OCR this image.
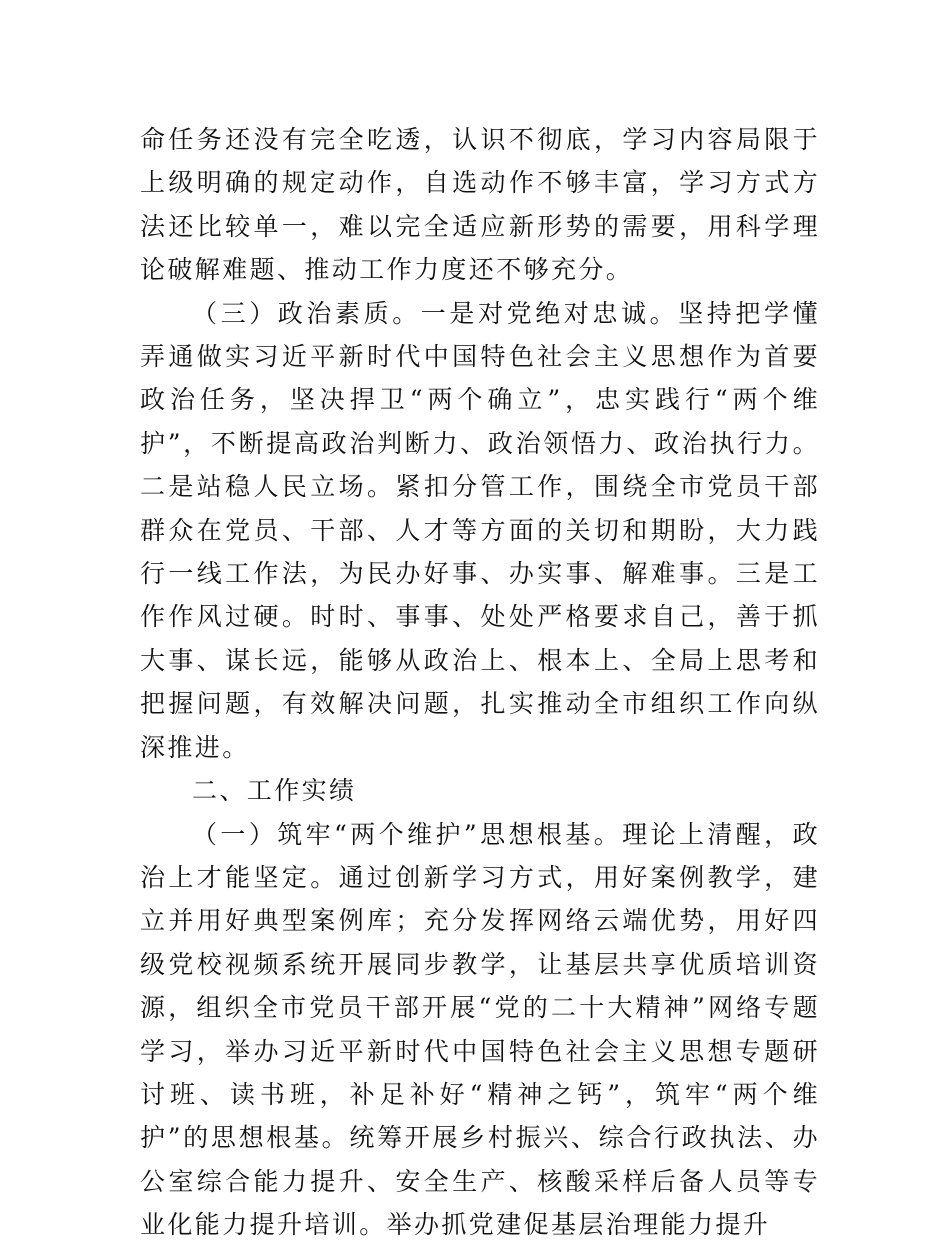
命任务还没有完全吃透，认识不彻底，学习内容局限于上级明确的规定动作，自选动作不够丰富，学习方式方法还比较单一，难以完全适应新形势的需要，用科学理论破解难题、推动工作力度还不够充分。

（三）政治素质。一是对党绝对忠诚。坚持把学懂弄通做实习近平新时代中国特色社会主义思想作为首要政治任务，坚决捍卫“两个确立”，忠实践行“两个维护”，不断提高政治判断力、政治领悟力、政治执行力。二是站稳人民立场。紧扣分管工作，围绕全市党员干部群众在党员、干部、人才等方面的关切和期盼，大力践行一线工作法，为民办好事、办实事、解难事。三是工作作风过硬。时时、事事、处处严格要求自己，善于抓大事、谋长远，能够从政治上、根本上、全局上思考和把握问题，有效解决问题，扎实推动全市组织工作向纵深推进。

二、工作实绩

（一）筑牢“两个维护”思想根基。理论上清醒，政治上才能坚定。通过创新学习方式，用好案例教学，建立并用好典型案例库；充分发挥网络云端优势，用好四级党校视频系统开展同步教学，让基层共享优质培训资源，组织全市党员干部开展“党的二十大精神”网络专题学习，举办习近平新时代中国特色社会主义思想专题研讨班、读书班，补足补好“精神之钙”，筑牢“两个维护”的思想根基。统筹开展乡村振兴、综合行政执法、办公室综合能力提升、安全生产、核酸采样后备人员等专业化能力提升培训。举办抓党建促基层治理能力提升
